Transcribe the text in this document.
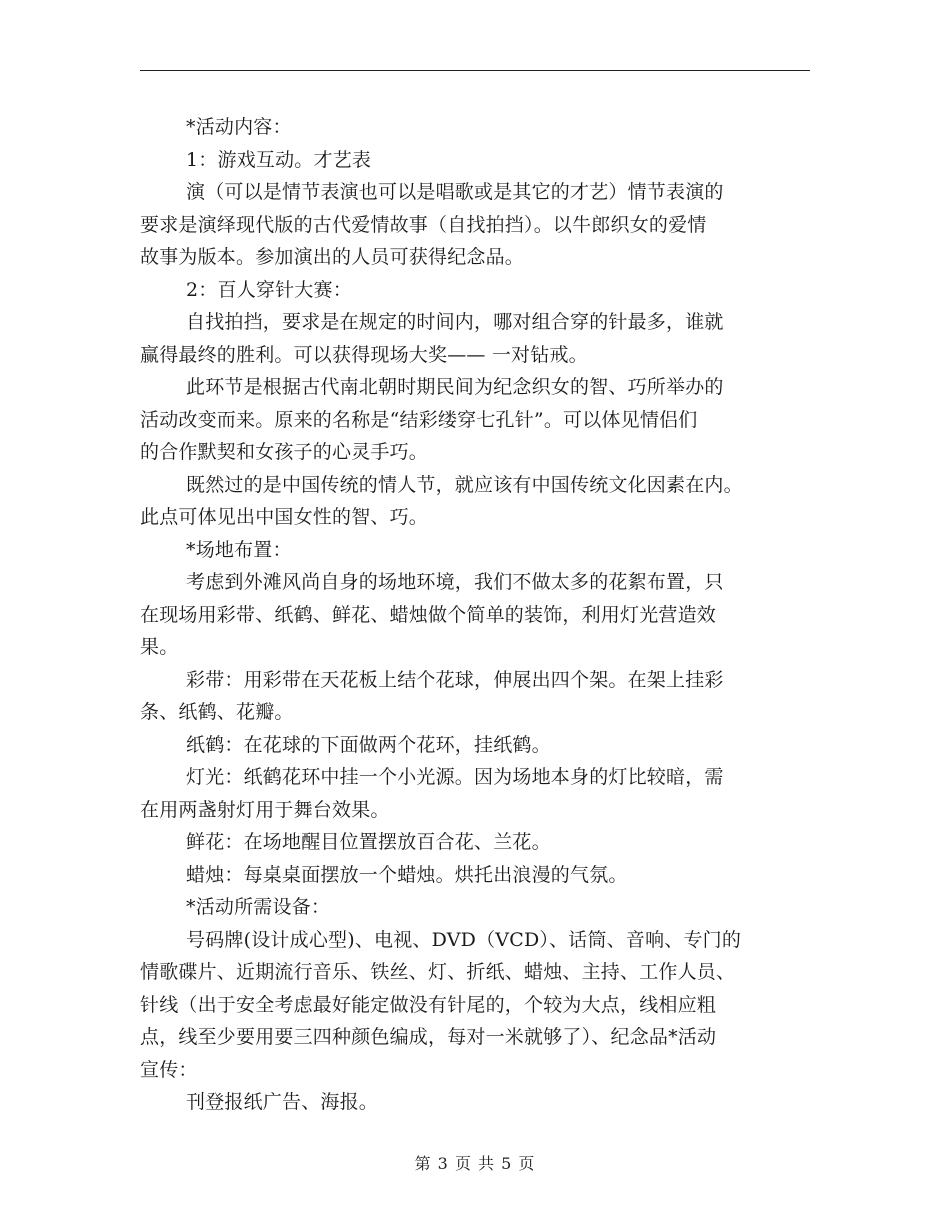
*活动内容：
1：游戏互动。才艺表
演（可以是情节表演也可以是唱歌或是其它的才艺）情节表演的
要求是演绎现代版的古代爱情故事（自找拍挡）。以牛郎织女的爱情
故事为版本。参加演出的人员可获得纪念品。
2：百人穿针大赛：
自找拍挡，要求是在规定的时间内，哪对组合穿的针最多，谁就
赢得最终的胜利。可以获得现场大奖—— 一对钻戒。
此环节是根据古代南北朝时期民间为纪念织女的智、巧所举办的
活动改变而来。原来的名称是“结彩缕穿七孔针”。可以体见情侣们
的合作默契和女孩子的心灵手巧。
既然过的是中国传统的情人节，就应该有中国传统文化因素在内。
此点可体见出中国女性的智、巧。
*场地布置：
考虑到外滩风尚自身的场地环境，我们不做太多的花絮布置，只
在现场用彩带、纸鹤、鲜花、蜡烛做个简单的装饰，利用灯光营造效
果。
彩带：用彩带在天花板上结个花球，伸展出四个架。在架上挂彩
条、纸鹤、花瓣。
纸鹤：在花球的下面做两个花环，挂纸鹤。
灯光：纸鹤花环中挂一个小光源。因为场地本身的灯比较暗，需
在用两盏射灯用于舞台效果。
鲜花：在场地醒目位置摆放百合花、兰花。
蜡烛：每桌桌面摆放一个蜡烛。烘托出浪漫的气氛。
*活动所需设备：
号码牌(设计成心型)、电视、DVD（VCD）、话筒、音响、专门的
情歌碟片、近期流行音乐、铁丝、灯、折纸、蜡烛、主持、工作人员、
针线（出于安全考虑最好能定做没有针尾的，个较为大点，线相应粗
点，线至少要用要三四种颜色编成，每对一米就够了）、纪念品*活动
宣传：
刊登报纸广告、海报。
第 3 页 共 5 页
